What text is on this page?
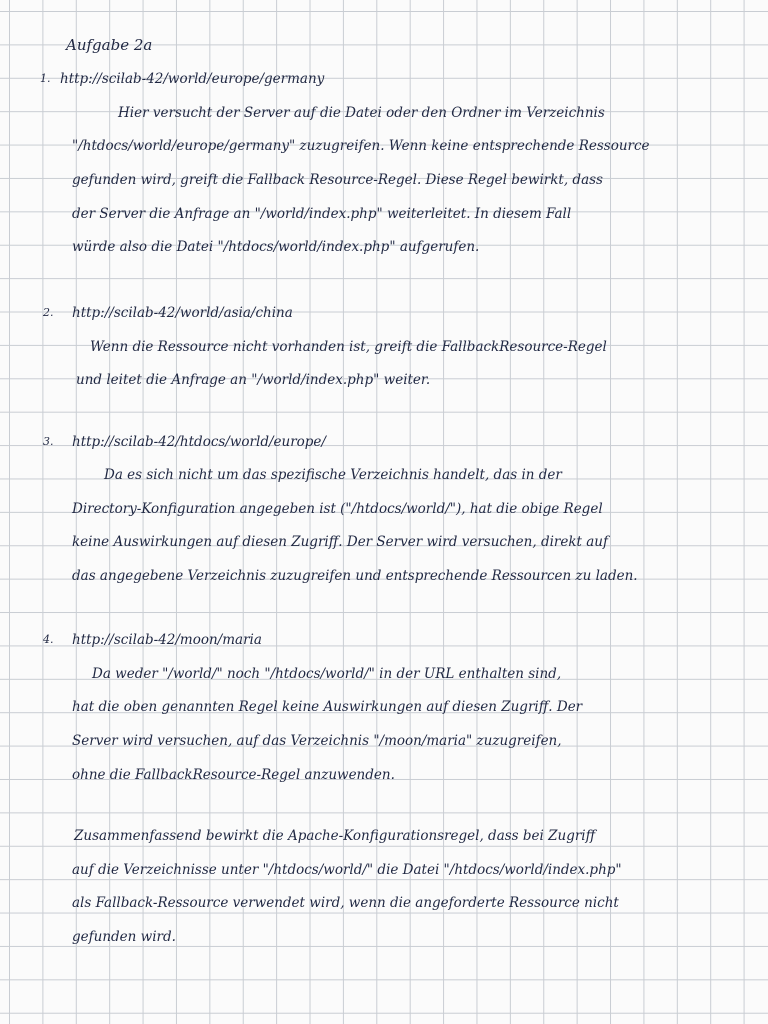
Aufgabe 2a
1. http://scilab-42/world/europe/germany
Hier versucht der Server auf die Datei oder den Ordner im Verzeichnis
"/htdocs/world/europe/germany" zuzugreifen. Wenn keine entsprechende Ressource
gefunden wird, greift die Fallback Resource-Regel. Diese Regel bewirkt, dass
der Server die Anfrage an "/world/index.php" weiterleitet. In diesem Fall
würde also die Datei "/htdocs/world/index.php" aufgerufen.
2. http://scilab-42/world/asia/china
Wenn die Ressource nicht vorhanden ist, greift die FallbackResource-Regel
und leitet die Anfrage an "/world/index.php" weiter.
3. http://scilab-42/htdocs/world/europe/
Da es sich nicht um das spezifische Verzeichnis handelt, das in der
Directory-Konfiguration angegeben ist ("/htdocs/world/"), hat die obige Regel
keine Auswirkungen auf diesen Zugriff. Der Server wird versuchen, direkt auf
das angegebene Verzeichnis zuzugreifen und entsprechende Ressourcen zu laden.
4. http://scilab-42/moon/maria
Da weder "/world/" noch "/htdocs/world/" in der URL enthalten sind,
hat die oben genannten Regel keine Auswirkungen auf diesen Zugriff. Der
Server wird versuchen, auf das Verzeichnis "/moon/maria" zuzugreifen,
ohne die FallbackResource-Regel anzuwenden.
Zusammenfassend bewirkt die Apache-Konfigurationsregel, dass bei Zugriff
auf die Verzeichnisse unter "/htdocs/world/" die Datei "/htdocs/world/index.php"
als Fallback-Ressource verwendet wird, wenn die angeforderte Ressource nicht
gefunden wird.
